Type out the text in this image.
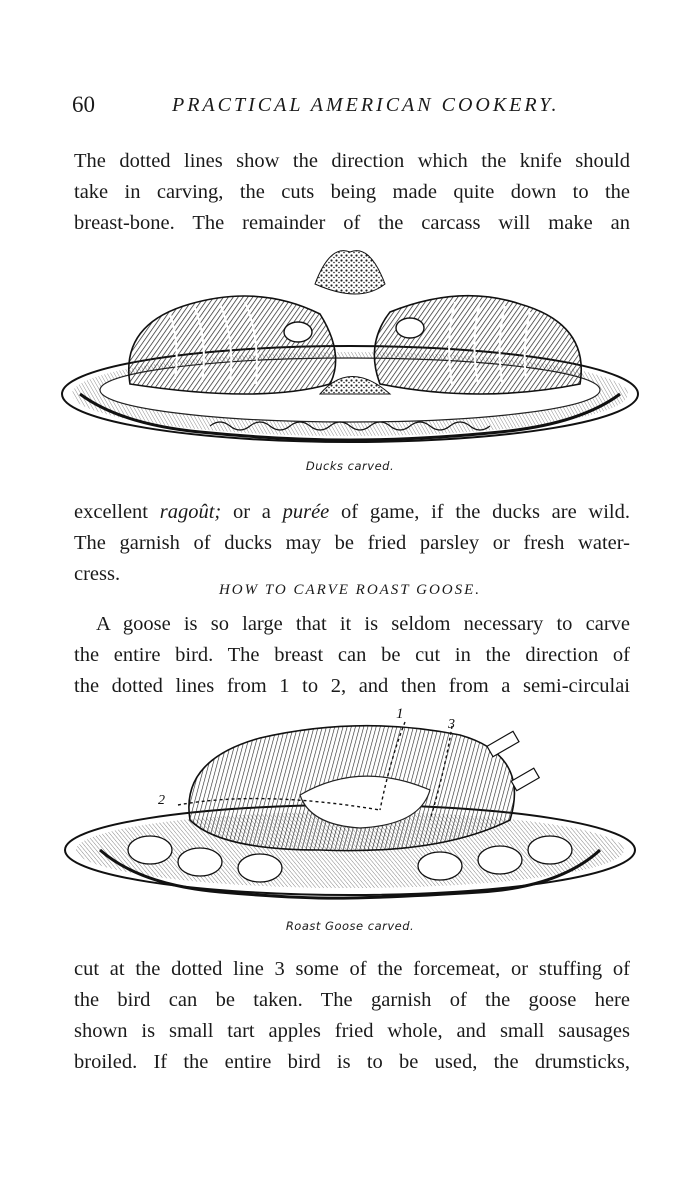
60	PRACTICAL AMERICAN COOKERY.
The dotted lines show the direction which the knife should
take in carving, the cuts being made quite down to the
breast-bone. The remainder of the carcass will make an
Ducks carved.
excellent ragoût; or a purée of game, if the ducks are wild.
The garnish of ducks may be fried parsley or fresh water-
cress.
HOW TO CARVE ROAST GOOSE.
A goose is so large that it is seldom necessary to carve
the entire bird. The breast can be cut in the direction of
the dotted lines from 1 to 2, and then from a semi-circulai
1
3
2
Roast Goose carved.
cut at the dotted line 3 some of the forcemeat, or stuffing of
the bird can be taken. The garnish of the goose here
shown is small tart apples fried whole, and small sausages
broiled. If the entire bird is to be used, the drumsticks,
